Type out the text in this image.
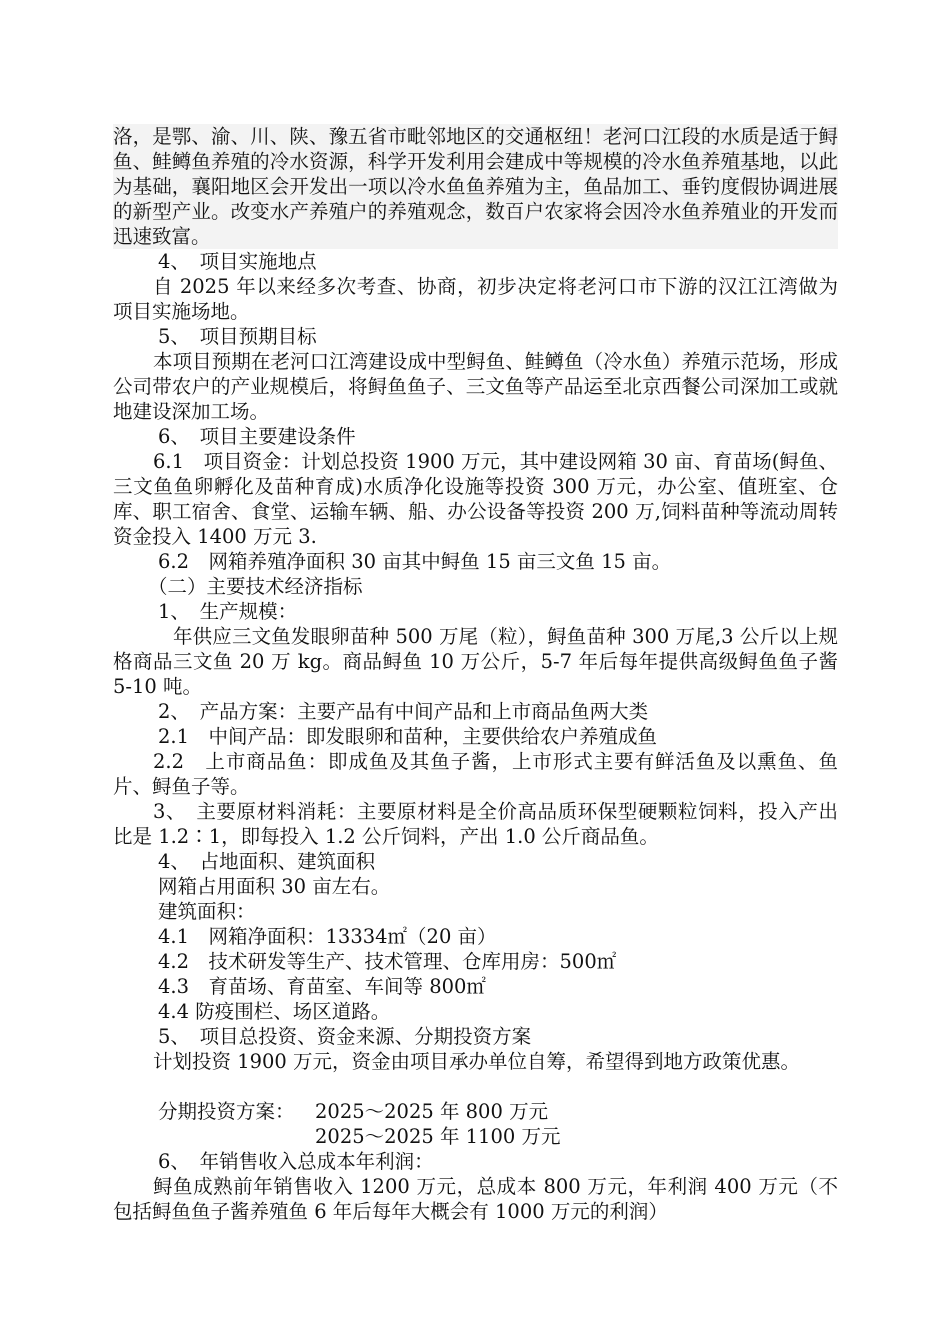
洛，是鄂、渝、川、陕、豫五省市毗邻地区的交通枢纽！老河口江段的水质是适于鲟鱼、鲑鳟鱼养殖的冷水资源，科学开发利用会建成中等规模的冷水鱼养殖基地，以此为基础，襄阳地区会开发出一项以冷水鱼鱼养殖为主，鱼品加工、垂钓度假协调进展的新型产业。改变水产养殖户的养殖观念，数百户农家将会因冷水鱼养殖业的开发而迅速致富。
4、　项目实施地点
自 2025 年以来经多次考查、协商，初步决定将老河口市下游的汉江江湾做为项目实施场地。
5、　项目预期目标
本项目预期在老河口江湾建设成中型鲟鱼、鲑鳟鱼（冷水鱼）养殖示范场，形成公司带农户的产业规模后，将鲟鱼鱼子、三文鱼等产品运至北京西餐公司深加工或就地建设深加工场。
6、　项目主要建设条件
6.1　项目资金：计划总投资 1900 万元，其中建设网箱 30 亩、育苗场(鲟鱼、三文鱼鱼卵孵化及苗种育成)水质净化设施等投资 300 万元，办公室、值班室、仓库、职工宿舍、食堂、运输车辆、船、办公设备等投资 200 万,饲料苗种等流动周转资金投入 1400 万元 3.
6.2　网箱养殖净面积 30 亩其中鲟鱼 15 亩三文鱼 15 亩。
（二）主要技术经济指标
1、　生产规模：
年供应三文鱼发眼卵苗种 500 万尾（粒），鲟鱼苗种 300 万尾,3 公斤以上规格商品三文鱼 20 万 kg。商品鲟鱼 10 万公斤，5-7 年后每年提供高级鲟鱼鱼子酱 5-10 吨。
2、　产品方案：主要产品有中间产品和上市商品鱼两大类
2.1　中间产品：即发眼卵和苗种，主要供给农户养殖成鱼
2.2　上市商品鱼：即成鱼及其鱼子酱，上市形式主要有鲜活鱼及以熏鱼、鱼片、鲟鱼子等。
3、　主要原材料消耗：主要原材料是全价高品质环保型硬颗粒饲料，投入产出比是 1.2∶1，即每投入 1.2 公斤饲料，产出 1.0 公斤商品鱼。
4、　占地面积、建筑面积
网箱占用面积 30 亩左右。
建筑面积：
4.1　网箱净面积：13334㎡（20 亩）
4.2　技术研发等生产、技术管理、仓库用房：500㎡
4.3　育苗场、育苗室、车间等 800㎡
4.4 防疫围栏、场区道路。
5、　项目总投资、资金来源、分期投资方案
计划投资 1900 万元，资金由项目承办单位自筹，希望得到地方政策优惠。
分期投资方案： 2025～2025 年 800 万元
2025～2025 年 1100 万元
6、　年销售收入总成本年利润：
鲟鱼成熟前年销售收入 1200 万元，总成本 800 万元，年利润 400 万元（不包括鲟鱼鱼子酱养殖鱼 6 年后每年大概会有 1000 万元的利润）
